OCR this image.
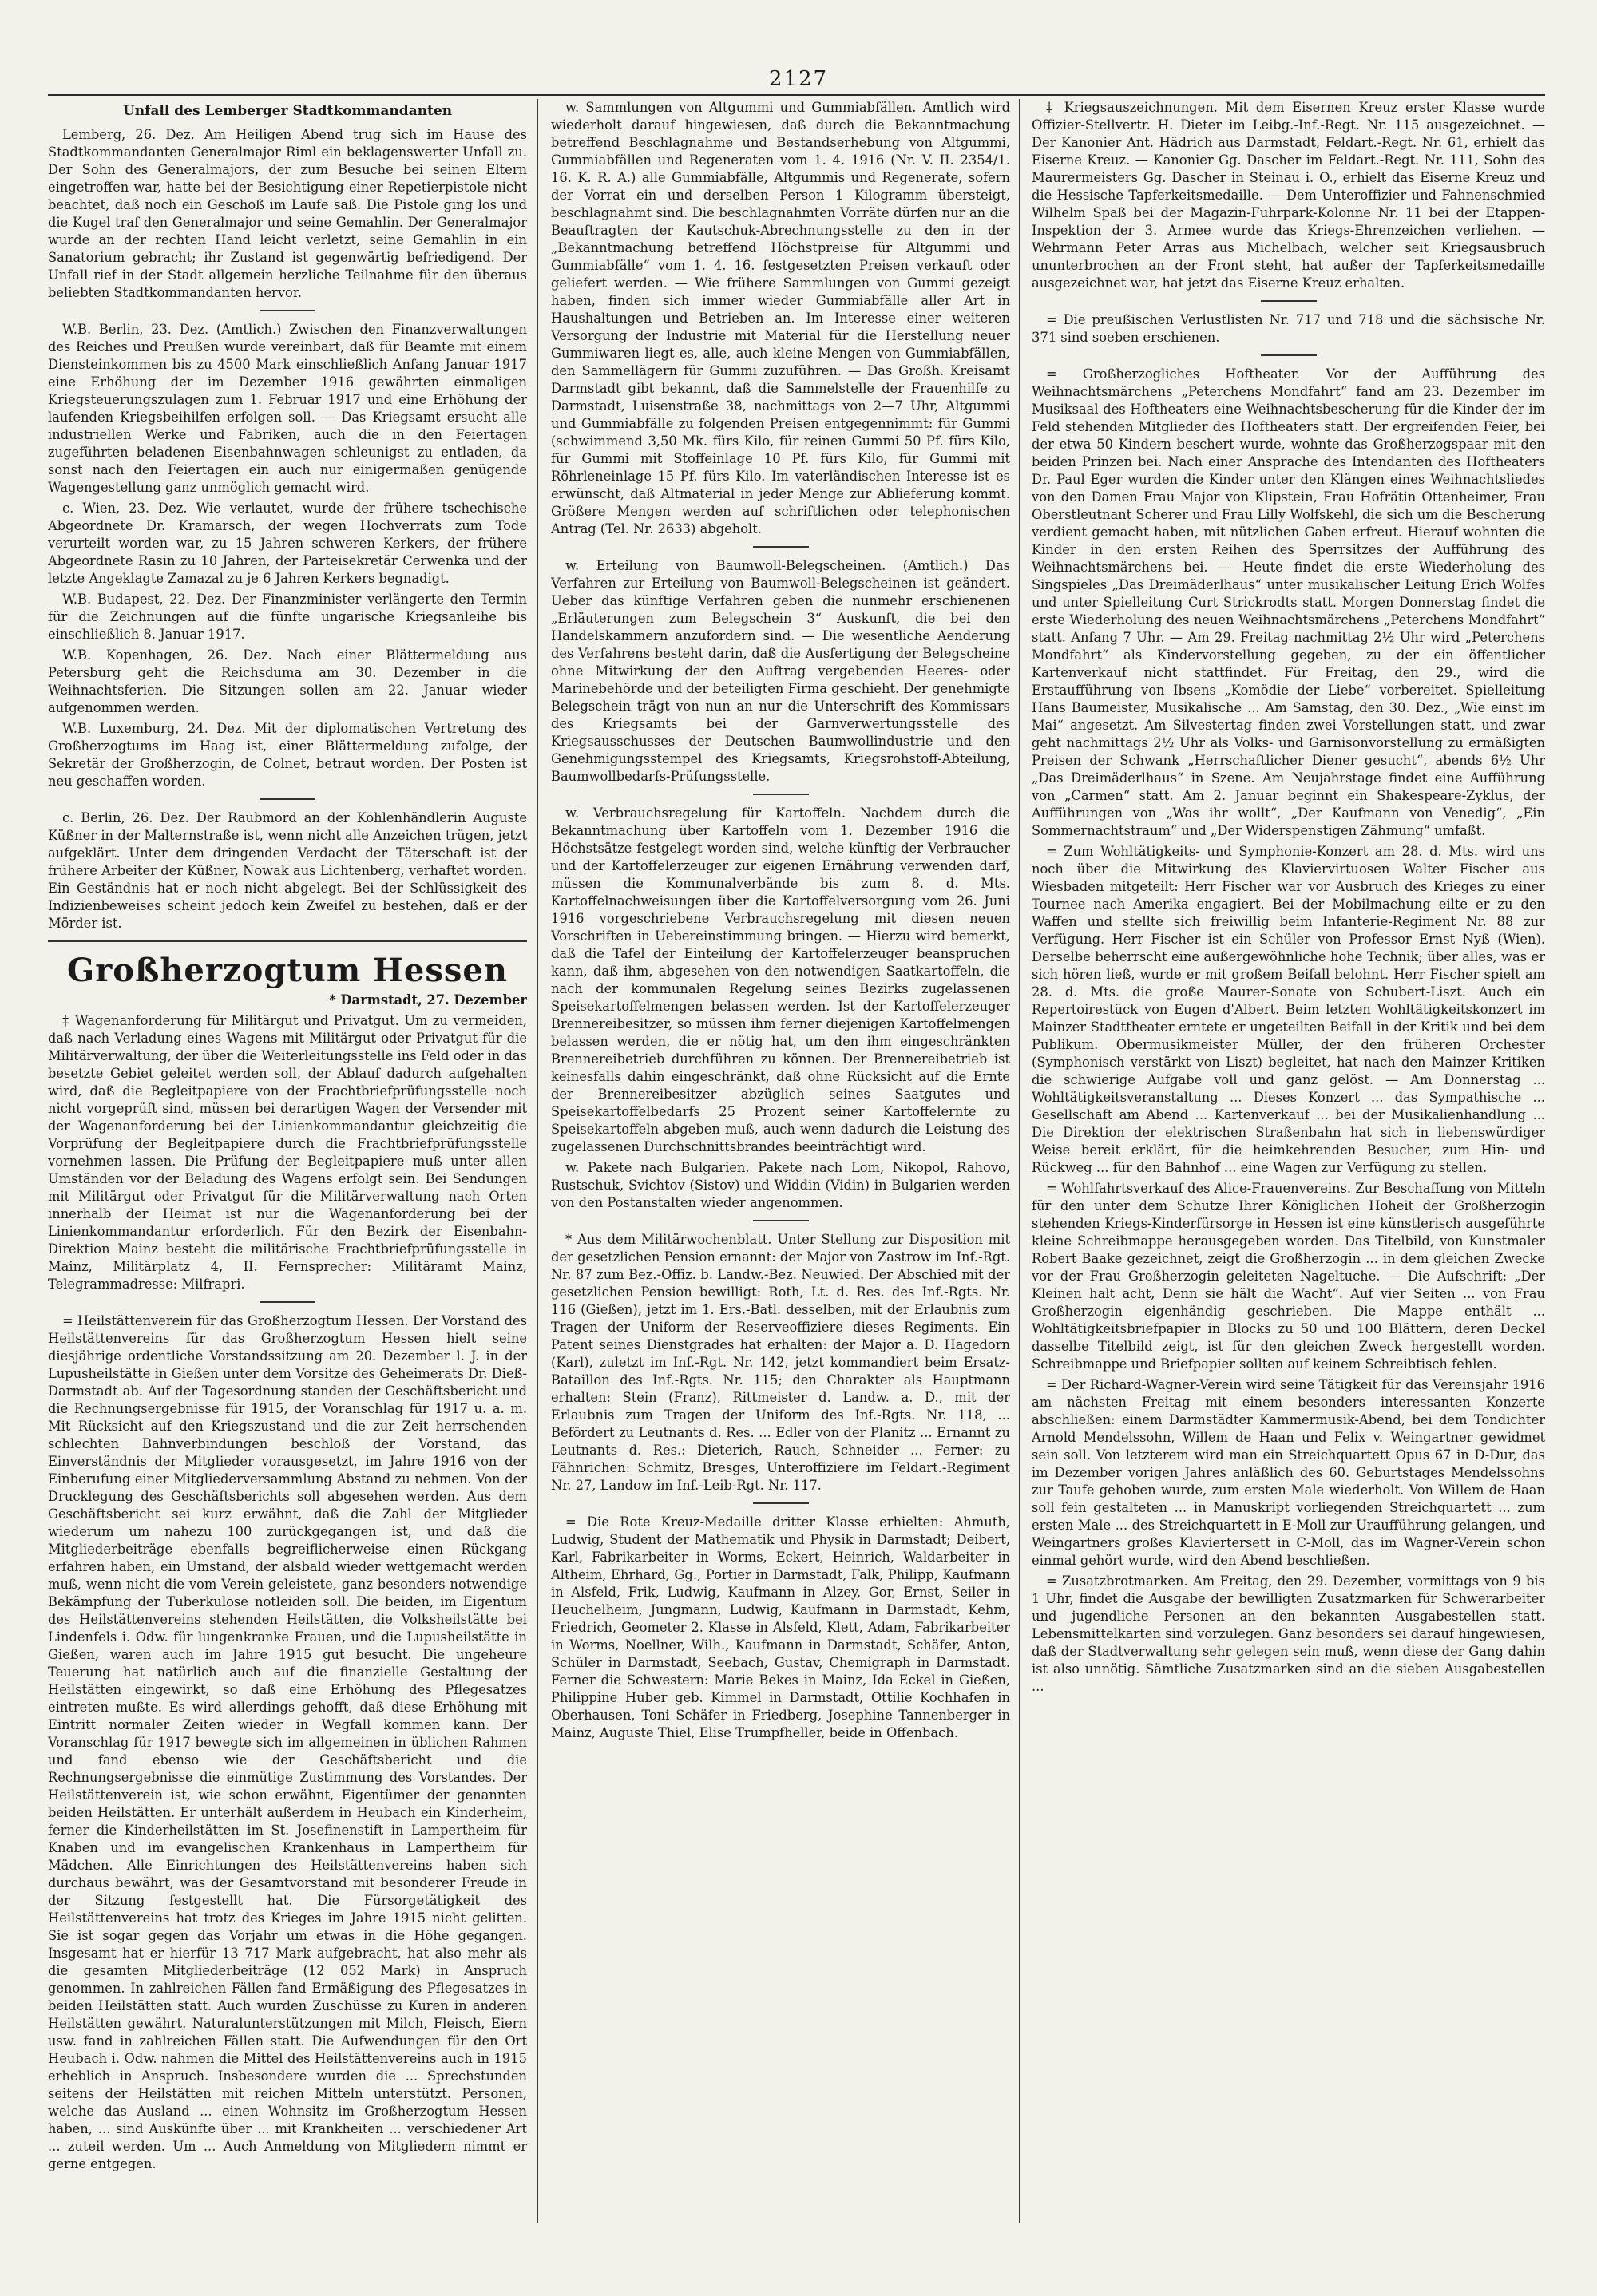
2127

Unfall des Lemberger Stadtkommandanten

Lemberg, 26. Dez. Am Heiligen Abend trug sich im Hause des Stadtkommandanten Generalmajor Riml ein beklagenswerter Unfall zu. Der Sohn des Generalmajors, der zum Besuche bei seinen Eltern eingetroffen war, hatte bei der Besichtigung einer Repetierpistole nicht beachtet, daß noch ein Geschoß im Laufe saß. Die Pistole ging los und die Kugel traf den Generalmajor und seine Gemahlin. Der Generalmajor wurde an der rechten Hand leicht verletzt, seine Gemahlin in ein Sanatorium gebracht; ihr Zustand ist gegenwärtig befriedigend. Der Unfall rief in der Stadt allgemein herzliche Teilnahme für den überaus beliebten Stadtkommandanten hervor.

W.B. Berlin, 23. Dez. (Amtlich.) Zwischen den Finanzverwaltungen des Reiches und Preußen wurde vereinbart, daß für Beamte mit einem Diensteinkommen bis zu 4500 Mark einschließlich Anfang Januar 1917 eine Erhöhung der im Dezember 1916 gewährten einmaligen Kriegsteuerungszulagen zum 1. Februar 1917 und eine Erhöhung der laufenden Kriegsbeihilfen erfolgen soll. — Das Kriegsamt ersucht alle industriellen Werke und Fabriken, auch die in den Feiertagen zugeführten beladenen Eisenbahnwagen schleunigst zu entladen, da sonst nach den Feiertagen ein auch nur einigermaßen genügende Wagengestellung ganz unmöglich gemacht wird.

c. Wien, 23. Dez. Wie verlautet, wurde der frühere tschechische Abgeordnete Dr. Kramarsch, der wegen Hochverrats zum Tode verurteilt worden war, zu 15 Jahren schweren Kerkers, der frühere Abgeordnete Rasin zu 10 Jahren, der Parteisekretär Cerwenka und der letzte Angeklagte Zamazal zu je 6 Jahren Kerkers begnadigt.

W.B. Budapest, 22. Dez. Der Finanzminister verlängerte den Termin für die Zeichnungen auf die fünfte ungarische Kriegsanleihe bis einschließlich 8. Januar 1917.

W.B. Kopenhagen, 26. Dez. Nach einer Blättermeldung aus Petersburg geht die Reichsduma am 30. Dezember in die Weihnachtsferien. Die Sitzungen sollen am 22. Januar wieder aufgenommen werden.

W.B. Luxemburg, 24. Dez. Mit der diplomatischen Vertretung des Großherzogtums im Haag ist, einer Blättermeldung zufolge, der Sekretär der Großherzogin, de Colnet, betraut worden. Der Posten ist neu geschaffen worden.

c. Berlin, 26. Dez. Der Raubmord an der Kohlenhändlerin Auguste Küßner in der Malternstraße ist, wenn nicht alle Anzeichen trügen, jetzt aufgeklärt. Unter dem dringenden Verdacht der Täterschaft ist der frühere Arbeiter der Küßner, Nowak aus Lichtenberg, verhaftet worden. Ein Geständnis hat er noch nicht abgelegt. Bei der Schlüssigkeit des Indizienbeweises scheint jedoch kein Zweifel zu bestehen, daß er der Mörder ist.

Großherzogtum Hessen
* Darmstadt, 27. Dezember

‡ Wagenanforderung für Militärgut und Privatgut. Um zu vermeiden, daß nach Verladung eines Wagens mit Militärgut oder Privatgut für die Militärverwaltung, der über die Weiterleitungsstelle ins Feld oder in das besetzte Gebiet geleitet werden soll, der Ablauf dadurch aufgehalten wird, daß die Begleitpapiere von der Frachtbriefprüfungsstelle noch nicht vorgeprüft sind, müssen bei derartigen Wagen der Versender mit der Wagenanforderung bei der Linienkommandantur gleichzeitig die Vorprüfung der Begleitpapiere durch die Frachtbriefprüfungsstelle vornehmen lassen. Die Prüfung der Begleitpapiere muß unter allen Umständen vor der Beladung des Wagens erfolgt sein. Bei Sendungen mit Militärgut oder Privatgut für die Militärverwaltung nach Orten innerhalb der Heimat ist nur die Wagenanforderung bei der Linienkommandantur erforderlich. Für den Bezirk der Eisenbahn-Direktion Mainz besteht die militärische Frachtbriefprüfungsstelle in Mainz, Militärplatz 4, II. Fernsprecher: Militäramt Mainz, Telegrammadresse: Milfrapri.

= Heilstättenverein für das Großherzogtum Hessen. Der Vorstand des Heilstättenvereins für das Großherzogtum Hessen hielt seine diesjährige ordentliche Vorstandssitzung am 20. Dezember l. J. in der Lupusheilstätte in Gießen unter dem Vorsitze des Geheimerats Dr. Dieß-Darmstadt ab. Auf der Tagesordnung standen der Geschäftsbericht und die Rechnungsergebnisse für 1915, der Voranschlag für 1917 u. a. m. Mit Rücksicht auf den Kriegszustand und die zur Zeit herrschenden schlechten Bahnverbindungen beschloß der Vorstand, das Einverständnis der Mitglieder vorausgesetzt, im Jahre 1916 von der Einberufung einer Mitgliederversammlung Abstand zu nehmen. Von der Drucklegung des Geschäftsberichts soll abgesehen werden. Aus dem Geschäftsbericht sei kurz erwähnt, daß die Zahl der Mitglieder wiederum um nahezu 100 zurückgegangen ist, und daß die Mitgliederbeiträge ebenfalls begreiflicherweise einen Rückgang erfahren haben, ein Umstand, der alsbald wieder wettgemacht werden muß, wenn nicht die vom Verein geleistete, ganz besonders notwendige Bekämpfung der Tuberkulose notleiden soll. Die beiden, im Eigentum des Heilstättenvereins stehenden Heilstätten, die Volksheilstätte bei Lindenfels i. Odw. für lungenkranke Frauen, und die Lupusheilstätte in Gießen, waren auch im Jahre 1915 gut besucht. Die ungeheure Teuerung hat natürlich auch auf die finanzielle Gestaltung der Heilstätten eingewirkt, so daß eine Erhöhung des Pflegesatzes eintreten mußte. Es wird allerdings gehofft, daß diese Erhöhung mit Eintritt normaler Zeiten wieder in Wegfall kommen kann. Der Voranschlag für 1917 bewegte sich im allgemeinen in üblichen Rahmen und fand ebenso wie der Geschäftsbericht und die Rechnungsergebnisse die einmütige Zustimmung des Vorstandes. Der Heilstättenverein ist, wie schon erwähnt, Eigentümer der genannten beiden Heilstätten. Er unterhält außerdem in Heubach ein Kinderheim, ferner die Kinderheilstätten im St. Josefinenstift in Lampertheim für Knaben und im evangelischen Krankenhaus in Lampertheim für Mädchen. Alle Einrichtungen des Heilstättenvereins haben sich durchaus bewährt, was der Gesamtvorstand mit besonderer Freude in der Sitzung festgestellt hat. Die Fürsorgetätigkeit des Heilstättenvereins hat trotz des Krieges im Jahre 1915 nicht gelitten. Sie ist sogar gegen das Vorjahr um etwas in die Höhe gegangen. Insgesamt hat er hierfür 13 717 Mark aufgebracht, hat also mehr als die gesamten Mitgliederbeiträge (12 052 Mark) in Anspruch genommen. In zahlreichen Fällen fand Ermäßigung des Pflegesatzes in beiden Heilstätten statt. Auch wurden Zuschüsse zu Kuren in anderen Heilstätten gewährt. Naturalunterstützungen mit Milch, Fleisch, Eiern usw. fand in zahlreichen Fällen statt. Die Aufwendungen für den Ort Heubach i. Odw. nahmen die Mittel des Heilstättenvereins auch in 1915 erheblich in Anspruch. Insbesondere wurden die ... Sprechstunden seitens der Heilstätten mit reichen Mitteln unterstützt. Personen, welche das Ausland ... einen Wohnsitz im Großherzogtum Hessen haben, ... sind Auskünfte über ... mit Krankheiten ... verschiedener Art ... zuteil werden. Um ... Auch Anmeldung von Mitgliedern nimmt er gerne entgegen.

w. Sammlungen von Altgummi und Gummiabfällen. Amtlich wird wiederholt darauf hingewiesen, daß durch die Bekanntmachung betreffend Beschlagnahme und Bestandserhebung von Altgummi, Gummiabfällen und Regeneraten vom 1. 4. 1916 (Nr. V. II. 2354/1. 16. K. R. A.) alle Gummiabfälle, Altgummis und Regenerate, sofern der Vorrat ein und derselben Person 1 Kilogramm übersteigt, beschlagnahmt sind. Die beschlagnahmten Vorräte dürfen nur an die Beauftragten der Kautschuk-Abrechnungsstelle zu den in der „Bekanntmachung betreffend Höchstpreise für Altgummi und Gummiabfälle“ vom 1. 4. 16. festgesetzten Preisen verkauft oder geliefert werden. — Wie frühere Sammlungen von Gummi gezeigt haben, finden sich immer wieder Gummiabfälle aller Art in Haushaltungen und Betrieben an. Im Interesse einer weiteren Versorgung der Industrie mit Material für die Herstellung neuer Gummiwaren liegt es, alle, auch kleine Mengen von Gummiabfällen, den Sammellägern für Gummi zuzuführen. — Das Großh. Kreisamt Darmstadt gibt bekannt, daß die Sammelstelle der Frauenhilfe zu Darmstadt, Luisenstraße 38, nachmittags von 2—7 Uhr, Altgummi und Gummiabfälle zu folgenden Preisen entgegennimmt: für Gummi (schwimmend 3,50 Mk. fürs Kilo, für reinen Gummi 50 Pf. fürs Kilo, für Gummi mit Stoffeinlage 10 Pf. fürs Kilo, für Gummi mit Röhrleneinlage 15 Pf. fürs Kilo. Im vaterländischen Interesse ist es erwünscht, daß Altmaterial in jeder Menge zur Ablieferung kommt. Größere Mengen werden auf schriftlichen oder telephonischen Antrag (Tel. Nr. 2633) abgeholt.

w. Erteilung von Baumwoll-Belegscheinen. (Amtlich.) Das Verfahren zur Erteilung von Baumwoll-Belegscheinen ist geändert. Ueber das künftige Verfahren geben die nunmehr erschienenen „Erläuterungen zum Belegschein 3“ Auskunft, die bei den Handelskammern anzufordern sind. — Die wesentliche Aenderung des Verfahrens besteht darin, daß die Ausfertigung der Belegscheine ohne Mitwirkung der den Auftrag vergebenden Heeres- oder Marinebehörde und der beteiligten Firma geschieht. Der genehmigte Belegschein trägt von nun an nur die Unterschrift des Kommissars des Kriegsamts bei der Garnverwertungsstelle des Kriegsausschusses der Deutschen Baumwollindustrie und den Genehmigungsstempel des Kriegsamts, Kriegsrohstoff-Abteilung, Baumwollbedarfs-Prüfungsstelle.

w. Verbrauchsregelung für Kartoffeln. Nachdem durch die Bekanntmachung über Kartoffeln vom 1. Dezember 1916 die Höchstsätze festgelegt worden sind, welche künftig der Verbraucher und der Kartoffelerzeuger zur eigenen Ernährung verwenden darf, müssen die Kommunalverbände bis zum 8. d. Mts. Kartoffelnachweisungen über die Kartoffelversorgung vom 26. Juni 1916 vorgeschriebene Verbrauchsregelung mit diesen neuen Vorschriften in Uebereinstimmung bringen. — Hierzu wird bemerkt, daß die Tafel der Einteilung der Kartoffelerzeuger beanspruchen kann, daß ihm, abgesehen von den notwendigen Saatkartoffeln, die nach der kommunalen Regelung seines Bezirks zugelassenen Speisekartoffelmengen belassen werden. Ist der Kartoffelerzeuger Brennereibesitzer, so müssen ihm ferner diejenigen Kartoffelmengen belassen werden, die er nötig hat, um den ihm eingeschränkten Brennereibetrieb durchführen zu können. Der Brennereibetrieb ist keinesfalls dahin eingeschränkt, daß ohne Rücksicht auf die Ernte der Brennereibesitzer abzüglich seines Saatgutes und Speisekartoffelbedarfs 25 Prozent seiner Kartoffelernte zu Speisekartoffeln abgeben muß, auch wenn dadurch die Leistung des zugelassenen Durchschnittsbrandes beeinträchtigt wird.

w. Pakete nach Bulgarien. Pakete nach Lom, Nikopol, Rahovo, Rustschuk, Svichtov (Sistov) und Widdin (Vidin) in Bulgarien werden von den Postanstalten wieder angenommen.

* Aus dem Militärwochenblatt. Unter Stellung zur Disposition mit der gesetzlichen Pension ernannt: der Major von Zastrow im Inf.-Rgt. Nr. 87 zum Bez.-Offiz. b. Landw.-Bez. Neuwied. Der Abschied mit der gesetzlichen Pension bewilligt: Roth, Lt. d. Res. des Inf.-Rgts. Nr. 116 (Gießen), jetzt im 1. Ers.-Batl. desselben, mit der Erlaubnis zum Tragen der Uniform der Reserveoffiziere dieses Regiments. Ein Patent seines Dienstgrades hat erhalten: der Major a. D. Hagedorn (Karl), zuletzt im Inf.-Rgt. Nr. 142, jetzt kommandiert beim Ersatz-Bataillon des Inf.-Rgts. Nr. 115; den Charakter als Hauptmann erhalten: Stein (Franz), Rittmeister d. Landw. a. D., mit der Erlaubnis zum Tragen der Uniform des Inf.-Rgts. Nr. 118, ... Befördert zu Leutnants d. Res. ... Edler von der Planitz ... Ernannt zu Leutnants d. Res.: Dieterich, Rauch, Schneider ... Ferner: zu Fähnrichen: Schmitz, Bresges, Unteroffiziere im Feldart.-Regiment Nr. 27, Landow im Inf.-Leib-Rgt. Nr. 117.

= Die Rote Kreuz-Medaille dritter Klasse erhielten: Ahmuth, Ludwig, Student der Mathematik und Physik in Darmstadt; Deibert, Karl, Fabrikarbeiter in Worms, Eckert, Heinrich, Waldarbeiter in Altheim, Ehrhard, Gg., Portier in Darmstadt, Falk, Philipp, Kaufmann in Alsfeld, Frik, Ludwig, Kaufmann in Alzey, Gor, Ernst, Seiler in Heuchelheim, Jungmann, Ludwig, Kaufmann in Darmstadt, Kehm, Friedrich, Geometer 2. Klasse in Alsfeld, Klett, Adam, Fabrikarbeiter in Worms, Noellner, Wilh., Kaufmann in Darmstadt, Schäfer, Anton, Schüler in Darmstadt, Seebach, Gustav, Chemigraph in Darmstadt. Ferner die Schwestern: Marie Bekes in Mainz, Ida Eckel in Gießen, Philippine Huber geb. Kimmel in Darmstadt, Ottilie Kochhafen in Oberhausen, Toni Schäfer in Friedberg, Josephine Tannenberger in Mainz, Auguste Thiel, Elise Trumpfheller, beide in Offenbach.

‡ Kriegsauszeichnungen. Mit dem Eisernen Kreuz erster Klasse wurde Offizier-Stellvertr. H. Dieter im Leibg.-Inf.-Regt. Nr. 115 ausgezeichnet. — Der Kanonier Ant. Hädrich aus Darmstadt, Feldart.-Regt. Nr. 61, erhielt das Eiserne Kreuz. — Kanonier Gg. Dascher im Feldart.-Regt. Nr. 111, Sohn des Maurermeisters Gg. Dascher in Steinau i. O., erhielt das Eiserne Kreuz und die Hessische Tapferkeitsmedaille. — Dem Unteroffizier und Fahnenschmied Wilhelm Spaß bei der Magazin-Fuhrpark-Kolonne Nr. 11 bei der Etappen-Inspektion der 3. Armee wurde das Kriegs-Ehrenzeichen verliehen. — Wehrmann Peter Arras aus Michelbach, welcher seit Kriegsausbruch ununterbrochen an der Front steht, hat außer der Tapferkeitsmedaille ausgezeichnet war, hat jetzt das Eiserne Kreuz erhalten.

= Die preußischen Verlustlisten Nr. 717 und 718 und die sächsische Nr. 371 sind soeben erschienen.

= Großherzogliches Hoftheater. Vor der Aufführung des Weihnachtsmärchens „Peterchens Mondfahrt“ fand am 23. Dezember im Musiksaal des Hoftheaters eine Weihnachtsbescherung für die Kinder der im Feld stehenden Mitglieder des Hoftheaters statt. Der ergreifenden Feier, bei der etwa 50 Kindern beschert wurde, wohnte das Großherzogspaar mit den beiden Prinzen bei. Nach einer Ansprache des Intendanten des Hoftheaters Dr. Paul Eger wurden die Kinder unter den Klängen eines Weihnachtsliedes von den Damen Frau Major von Klipstein, Frau Hofrätin Ottenheimer, Frau Oberstleutnant Scherer und Frau Lilly Wolfskehl, die sich um die Bescherung verdient gemacht haben, mit nützlichen Gaben erfreut. Hierauf wohnten die Kinder in den ersten Reihen des Sperrsitzes der Aufführung des Weihnachtsmärchens bei. — Heute findet die erste Wiederholung des Singspieles „Das Dreimäderlhaus“ unter musikalischer Leitung Erich Wolfes und unter Spielleitung Curt Strickrodts statt. Morgen Donnerstag findet die erste Wiederholung des neuen Weihnachtsmärchens „Peterchens Mondfahrt“ statt. Anfang 7 Uhr. — Am 29. Freitag nachmittag 2½ Uhr wird „Peterchens Mondfahrt“ als Kindervorstellung gegeben, zu der ein öffentlicher Kartenverkauf nicht stattfindet. Für Freitag, den 29., wird die Erstaufführung von Ibsens „Komödie der Liebe“ vorbereitet. Spielleitung Hans Baumeister, Musikalische ... Am Samstag, den 30. Dez., „Wie einst im Mai“ angesetzt. Am Silvestertag finden zwei Vorstellungen statt, und zwar geht nachmittags 2½ Uhr als Volks- und Garnisonvorstellung zu ermäßigten Preisen der Schwank „Herrschaftlicher Diener gesucht“, abends 6½ Uhr „Das Dreimäderlhaus“ in Szene. Am Neujahrstage findet eine Aufführung von „Carmen“ statt. Am 2. Januar beginnt ein Shakespeare-Zyklus, der Aufführungen von „Was ihr wollt“, „Der Kaufmann von Venedig“, „Ein Sommernachtstraum“ und „Der Widerspenstigen Zähmung“ umfaßt.

= Zum Wohltätigkeits- und Symphonie-Konzert am 28. d. Mts. wird uns noch über die Mitwirkung des Klaviervirtuosen Walter Fischer aus Wiesbaden mitgeteilt: Herr Fischer war vor Ausbruch des Krieges zu einer Tournee nach Amerika engagiert. Bei der Mobilmachung eilte er zu den Waffen und stellte sich freiwillig beim Infanterie-Regiment Nr. 88 zur Verfügung. Herr Fischer ist ein Schüler von Professor Ernst Nyß (Wien). Derselbe beherrscht eine außergewöhnliche hohe Technik; über alles, was er sich hören ließ, wurde er mit großem Beifall belohnt. Herr Fischer spielt am 28. d. Mts. die große Maurer-Sonate von Schubert-Liszt. Auch ein Repertoirestück von Eugen d'Albert. Beim letzten Wohltätigkeitskonzert im Mainzer Stadttheater erntete er ungeteilten Beifall in der Kritik und bei dem Publikum. Obermusikmeister Müller, der den früheren Orchester (Symphonisch verstärkt von Liszt) begleitet, hat nach den Mainzer Kritiken die schwierige Aufgabe voll und ganz gelöst. — Am Donnerstag ... Wohltätigkeitsveranstaltung ... Dieses Konzert ... das Sympathische ... Gesellschaft am Abend ... Kartenverkauf ... bei der Musikalienhandlung ... Die Direktion der elektrischen Straßenbahn hat sich in liebenswürdiger Weise bereit erklärt, für die heimkehrenden Besucher, zum Hin- und Rückweg ... für den Bahnhof ... eine Wagen zur Verfügung zu stellen.

= Wohlfahrtsverkauf des Alice-Frauenvereins. Zur Beschaffung von Mitteln für den unter dem Schutze Ihrer Königlichen Hoheit der Großherzogin stehenden Kriegs-Kinderfürsorge in Hessen ist eine künstlerisch ausgeführte kleine Schreibmappe herausgegeben worden. Das Titelbild, von Kunstmaler Robert Baake gezeichnet, zeigt die Großherzogin ... in dem gleichen Zwecke vor der Frau Großherzogin geleiteten Nageltuche. — Die Aufschrift: „Der Kleinen halt acht, Denn sie hält die Wacht“. Auf vier Seiten ... von Frau Großherzogin eigenhändig geschrieben. Die Mappe enthält ... Wohltätigkeitsbriefpapier in Blocks zu 50 und 100 Blättern, deren Deckel dasselbe Titelbild zeigt, ist für den gleichen Zweck hergestellt worden. Schreibmappe und Briefpapier sollten auf keinem Schreibtisch fehlen.

= Der Richard-Wagner-Verein wird seine Tätigkeit für das Vereinsjahr 1916 am nächsten Freitag mit einem besonders interessanten Konzerte abschließen: einem Darmstädter Kammermusik-Abend, bei dem Tondichter Arnold Mendelssohn, Willem de Haan und Felix v. Weingartner gewidmet sein soll. Von letzterem wird man ein Streichquartett Opus 67 in D-Dur, das im Dezember vorigen Jahres anläßlich des 60. Geburtstages Mendelssohns zur Taufe gehoben wurde, zum ersten Male wiederholt. Von Willem de Haan soll fein gestalteten ... in Manuskript vorliegenden Streichquartett ... zum ersten Male ... des Streichquartett in E-Moll zur Uraufführung gelangen, und Weingartners großes Klaviertersett in C-Moll, das im Wagner-Verein schon einmal gehört wurde, wird den Abend beschließen.

= Zusatzbrotmarken. Am Freitag, den 29. Dezember, vormittags von 9 bis 1 Uhr, findet die Ausgabe der bewilligten Zusatzmarken für Schwerarbeiter und jugendliche Personen an den bekannten Ausgabestellen statt. Lebensmittelkarten sind vorzulegen. Ganz besonders sei darauf hingewiesen, daß der Stadtverwaltung sehr gelegen sein muß, wenn diese der Gang dahin ist also unnötig. Sämtliche Zusatzmarken sind an die sieben Ausgabestellen ...
